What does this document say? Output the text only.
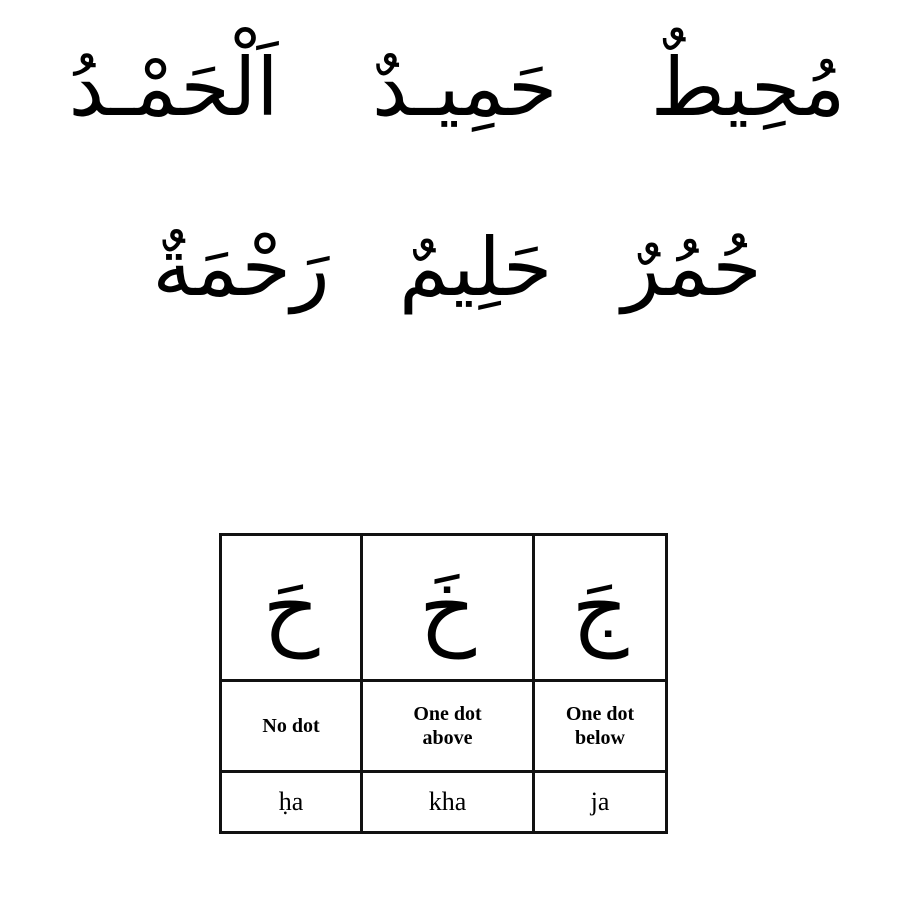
مُحِيطٌ حَمِيـدٌ اَلْحَمْـدُ
حُمُرٌ حَلِيمٌ رَحْمَةٌ
حَ	خَ	جَ
No dot	One dot above	One dot below
ḥa	kha	ja
